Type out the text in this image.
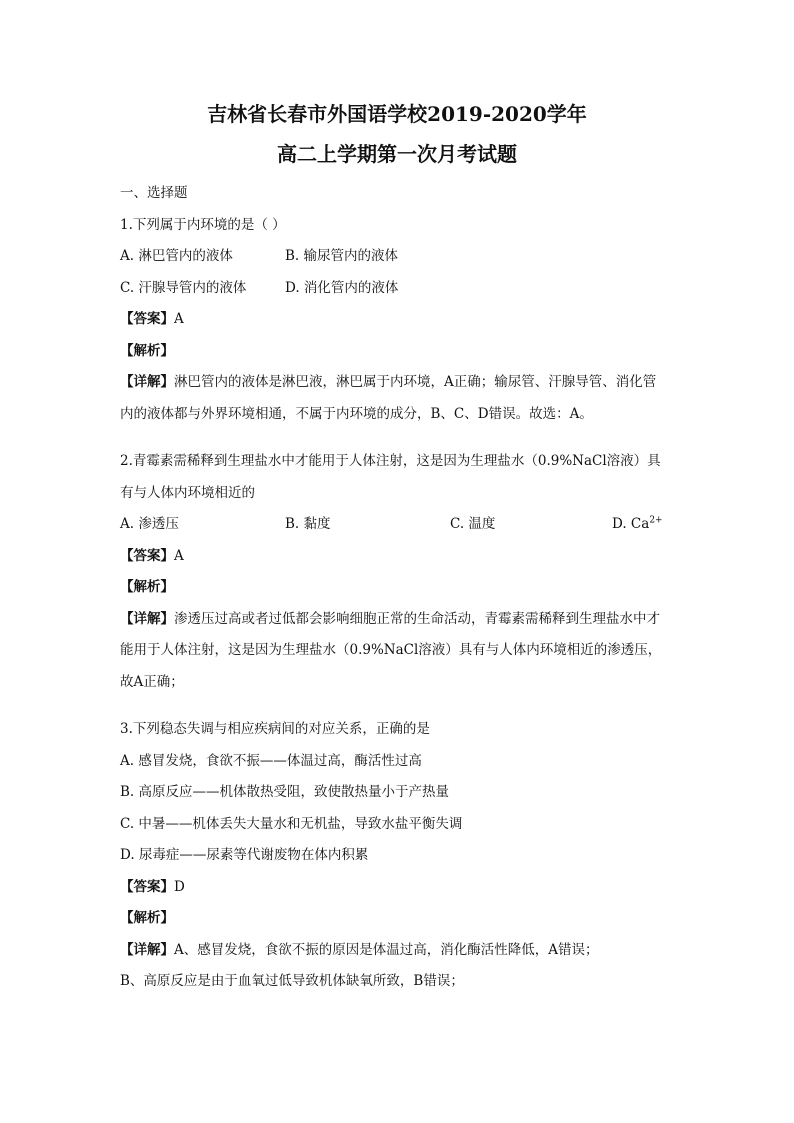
吉林省长春市外国语学校2019-2020学年
高二上学期第一次月考试题

一、选择题

1.下列属于内环境的是（ ）

A. 淋巴管内的液体	B. 输尿管内的液体
C. 汗腺导管内的液体	D. 消化管内的液体

【答案】A

【解析】

【详解】淋巴管内的液体是淋巴液，淋巴属于内环境，A正确；输尿管、汗腺导管、消化管

内的液体都与外界环境相通，不属于内环境的成分，B、C、D错误。故选：A。

2.青霉素需稀释到生理盐水中才能用于人体注射，这是因为生理盐水（0.9%NaCl溶液）具

有与人体内环境相近的

A. 渗透压	B. 黏度	C. 温度	D. $Ca^{2+}$

【答案】A

【解析】

【详解】渗透压过高或者过低都会影响细胞正常的生命活动，青霉素需稀释到生理盐水中才

能用于人体注射，这是因为生理盐水（0.9%NaCl溶液）具有与人体内环境相近的渗透压，

故A正确；

3.下列稳态失调与相应疾病间的对应关系，正确的是

A. 感冒发烧，食欲不振——体温过高，酶活性过高

B. 高原反应——机体散热受阻，致使散热量小于产热量

C. 中暑——机体丢失大量水和无机盐，导致水盐平衡失调

D. 尿毒症——尿素等代谢废物在体内积累

【答案】D

【解析】

【详解】A、感冒发烧，食欲不振的原因是体温过高，消化酶活性降低，A错误；

B、高原反应是由于血氧过低导致机体缺氧所致，B错误；
